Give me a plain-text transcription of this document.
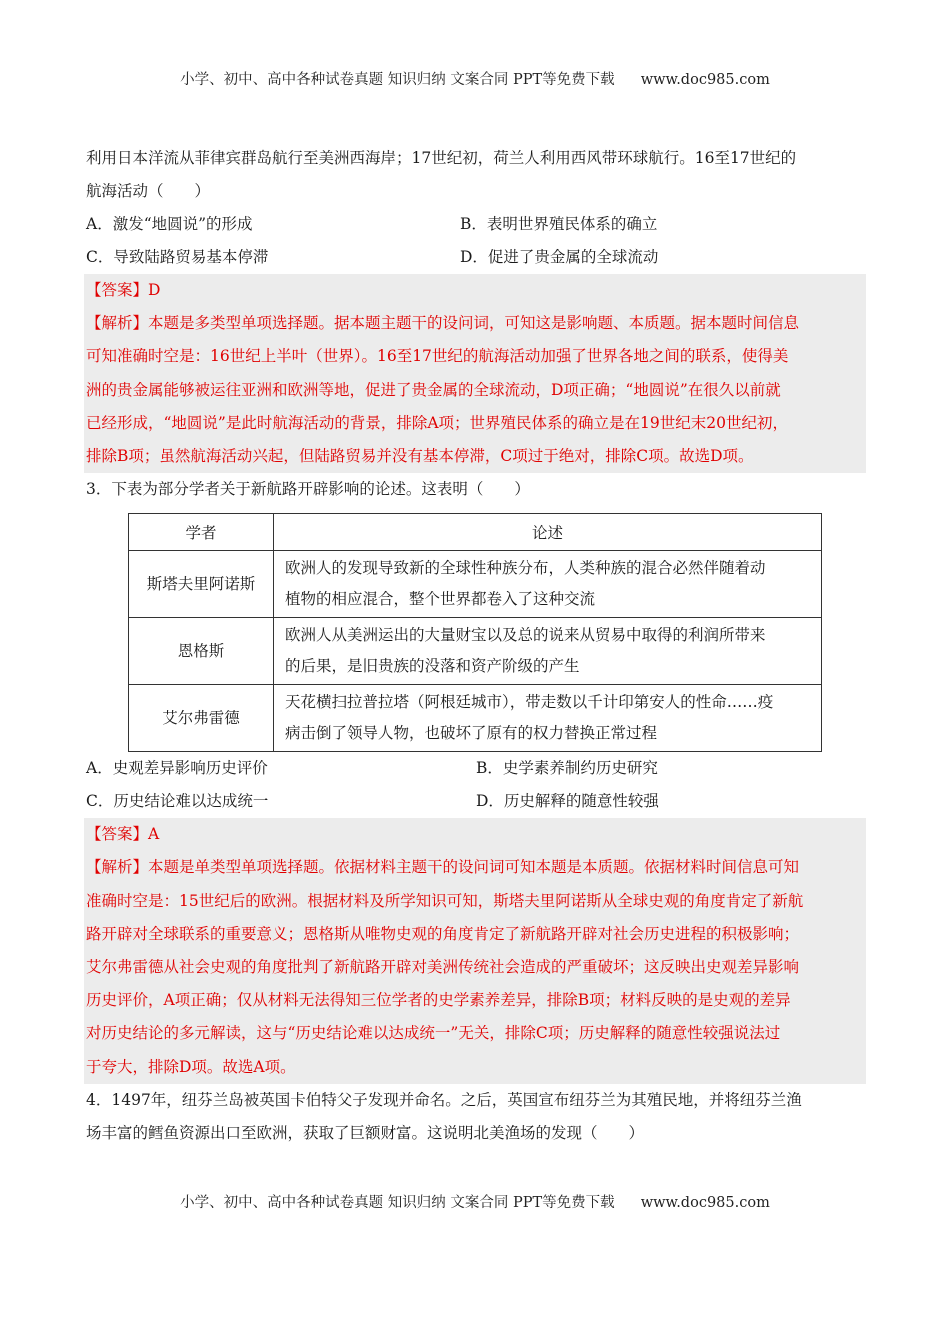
小学、初中、高中各种试卷真题 知识归纳 文案合同 PPT等免费下载 www.doc985.com
利用日本洋流从菲律宾群岛航行至美洲西海岸；17世纪初，荷兰人利用西风带环球航行。16至17世纪的
航海活动（　　）
A．激发“地圆说”的形成	B．表明世界殖民体系的确立
C．导致陆路贸易基本停滞	D．促进了贵金属的全球流动
【答案】D
【解析】本题是多类型单项选择题。据本题主题干的设问词，可知这是影响题、本质题。据本题时间信息
可知准确时空是：16世纪上半叶（世界）。16至17世纪的航海活动加强了世界各地之间的联系，使得美
洲的贵金属能够被运往亚洲和欧洲等地，促进了贵金属的全球流动，D项正确；“地圆说”在很久以前就
已经形成，“地圆说”是此时航海活动的背景，排除A项；世界殖民体系的确立是在19世纪末20世纪初，
排除B项；虽然航海活动兴起，但陆路贸易并没有基本停滞，C项过于绝对，排除C项。故选D项。
3．下表为部分学者关于新航路开辟影响的论述。这表明（　　）
学者	论述
斯塔夫里阿诺斯	欧洲人的发现导致新的全球性种族分布，人类种族的混合必然伴随着动
植物的相应混合，整个世界都卷入了这种交流

恩格斯	欧洲人从美洲运出的大量财宝以及总的说来从贸易中取得的利润所带来
的后果，是旧贵族的没落和资产阶级的产生

艾尔弗雷德	天花横扫拉普拉塔（阿根廷城市），带走数以千计印第安人的性命……疫
病击倒了领导人物，也破坏了原有的权力替换正常过程
A．史观差异影响历史评价	B．史学素养制约历史研究
C．历史结论难以达成统一	D．历史解释的随意性较强
【答案】A
【解析】本题是单类型单项选择题。依据材料主题干的设问词可知本题是本质题。依据材料时间信息可知
准确时空是：15世纪后的欧洲。根据材料及所学知识可知，斯塔夫里阿诺斯从全球史观的角度肯定了新航
路开辟对全球联系的重要意义；恩格斯从唯物史观的角度肯定了新航路开辟对社会历史进程的积极影响；
艾尔弗雷德从社会史观的角度批判了新航路开辟对美洲传统社会造成的严重破坏；这反映出史观差异影响
历史评价，A项正确；仅从材料无法得知三位学者的史学素养差异，排除B项；材料反映的是史观的差异
对历史结论的多元解读，这与“历史结论难以达成统一”无关，排除C项；历史解释的随意性较强说法过
于夸大，排除D项。故选A项。
4．1497年，纽芬兰岛被英国卡伯特父子发现并命名。之后，英国宣布纽芬兰为其殖民地，并将纽芬兰渔
场丰富的鳕鱼资源出口至欧洲，获取了巨额财富。这说明北美渔场的发现（　　）
小学、初中、高中各种试卷真题 知识归纳 文案合同 PPT等免费下载 www.doc985.com
